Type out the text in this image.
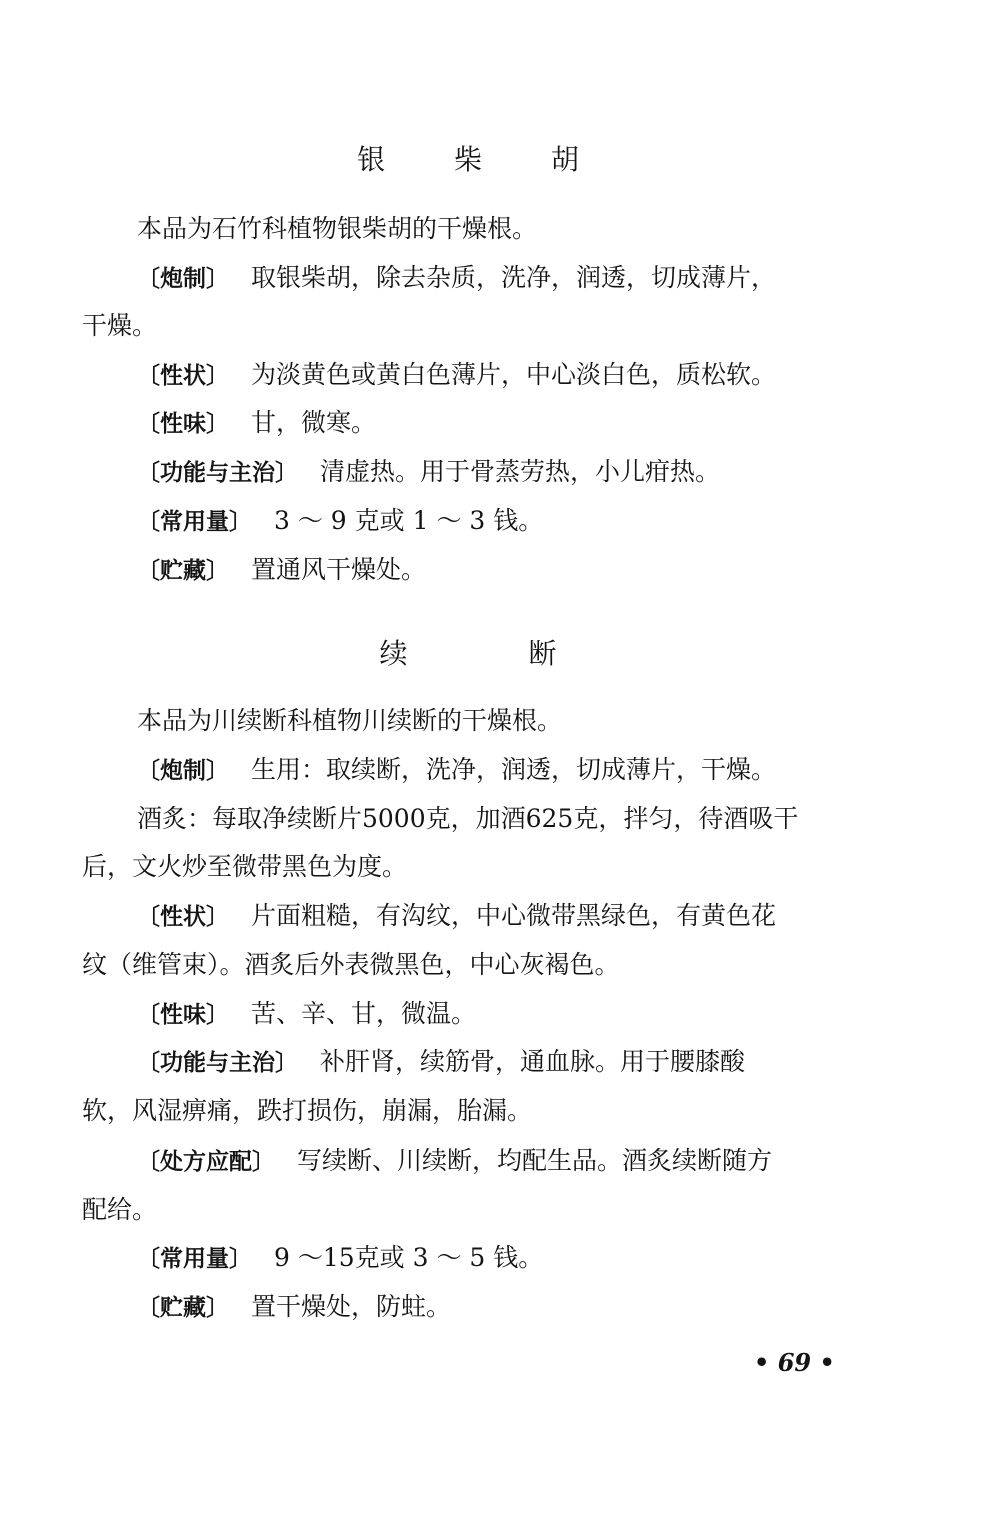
银 柴 胡
本品为石竹科植物银柴胡的干燥根。
〔炮制〕 取银柴胡，除去杂质，洗净，润透，切成薄片，
干燥。
〔性状〕 为淡黄色或黄白色薄片，中心淡白色，质松软。
〔性味〕 甘，微寒。
〔功能与主治〕 清虚热。用于骨蒸劳热，小儿疳热。
〔常用量〕 3 ～ 9 克或 1 ～ 3 钱。
〔贮藏〕 置通风干燥处。
续 断
本品为川续断科植物川续断的干燥根。
〔炮制〕 生用：取续断，洗净，润透，切成薄片，干燥。
酒炙：每取净续断片5000克，加酒625克，拌匀，待酒吸干
后，文火炒至微带黑色为度。
〔性状〕 片面粗糙，有沟纹，中心微带黑绿色，有黄色花
纹（维管束）。酒炙后外表微黑色，中心灰褐色。
〔性味〕 苦、辛、甘，微温。
〔功能与主治〕 补肝肾，续筋骨，通血脉。用于腰膝酸
软，风湿痹痛，跌打损伤，崩漏，胎漏。
〔处方应配〕 写续断、川续断，均配生品。酒炙续断随方
配给。
〔常用量〕 9 ～15克或 3 ～ 5 钱。
〔贮藏〕 置干燥处，防蛀。
• 69 •
